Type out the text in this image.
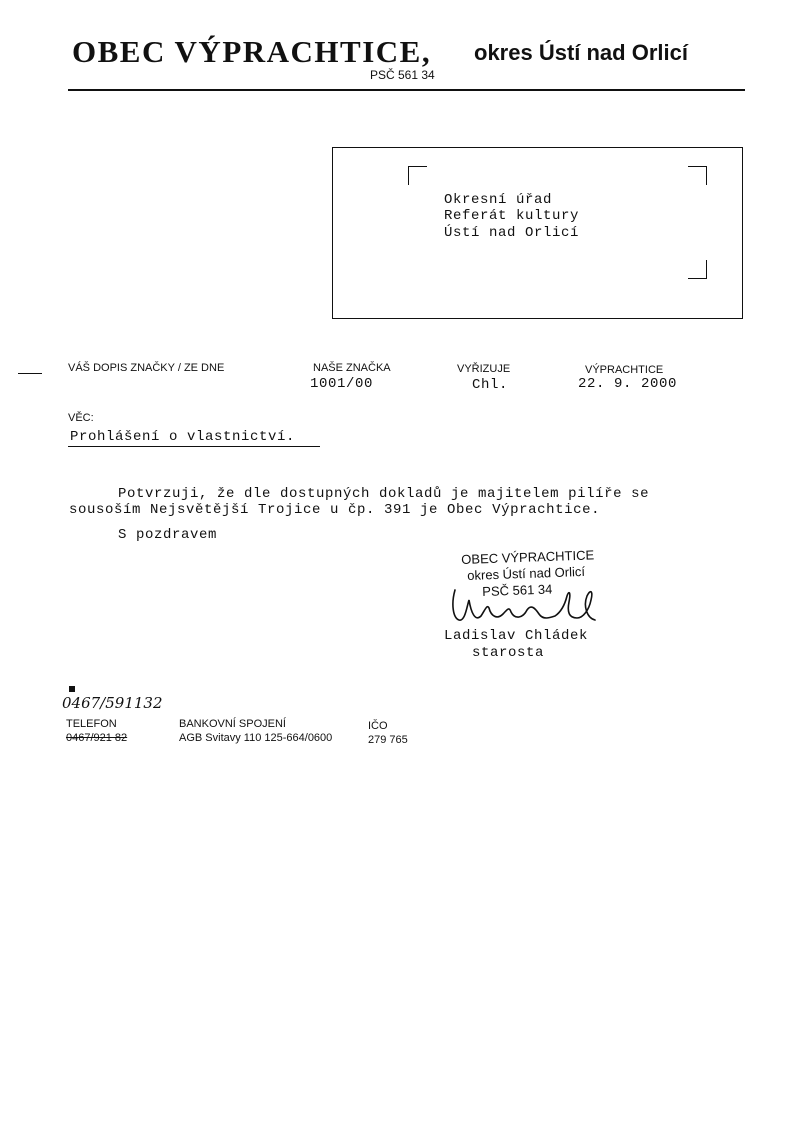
OBEC VÝPRACHTICE, okres Ústí nad Orlicí
PSČ 561 34
Okresní úřad
Referát kultury
Ústí nad Orlicí
VÁŠ DOPIS ZNAČKY / ZE DNE	NAŠE ZNAČKA
1001/00
VYŘIZUJE
Chl.
VÝPRACHTICE
22. 9. 2000
VĚC:
Prohlášení o vlastnictví.
Potvrzuji, že dle dostupných dokladů je majitelem pilíře se
sousoším Nejsvětější Trojice u čp. 391 je Obec Výprachtice.
S pozdravem
OBEC VÝPRACHTICE
okres Ústí nad Orlicí
PSČ 561 34
Ladislav Chládek
starosta
0467/591132
TELEFON
0467/921 82
BANKOVNÍ SPOJENÍ
AGB Svitavy 110 125-664/0600
IČO
279 765
